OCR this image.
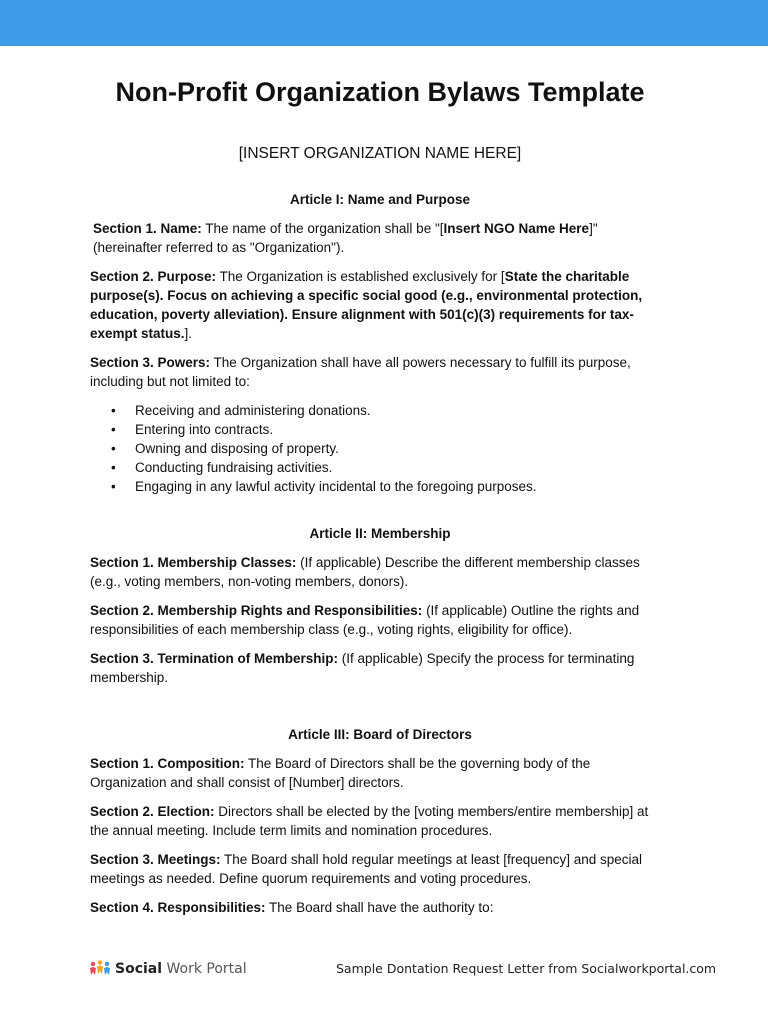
Non-Profit Organization Bylaws Template

[INSERT ORGANIZATION NAME HERE]

Article I: Name and Purpose

Section 1. Name: The name of the organization shall be "[Insert NGO Name Here]" (hereinafter referred to as "Organization").

Section 2. Purpose: The Organization is established exclusively for [State the charitable purpose(s). Focus on achieving a specific social good (e.g., environmental protection, education, poverty alleviation). Ensure alignment with 501(c)(3) requirements for tax-exempt status.].

Section 3. Powers: The Organization shall have all powers necessary to fulfill its purpose, including but not limited to:

• Receiving and administering donations.
• Entering into contracts.
• Owning and disposing of property.
• Conducting fundraising activities.
• Engaging in any lawful activity incidental to the foregoing purposes.

Article II: Membership

Section 1. Membership Classes: (If applicable) Describe the different membership classes (e.g., voting members, non-voting members, donors).

Section 2. Membership Rights and Responsibilities: (If applicable) Outline the rights and responsibilities of each membership class (e.g., voting rights, eligibility for office).

Section 3. Termination of Membership: (If applicable) Specify the process for terminating membership.

Article III: Board of Directors

Section 1. Composition: The Board of Directors shall be the governing body of the Organization and shall consist of [Number] directors.

Section 2. Election: Directors shall be elected by the [voting members/entire membership] at the annual meeting. Include term limits and nomination procedures.

Section 3. Meetings: The Board shall hold regular meetings at least [frequency] and special meetings as needed. Define quorum requirements and voting procedures.

Section 4. Responsibilities: The Board shall have the authority to:

Social Work Portal	Sample Dontation Request Letter from Socialworkportal.com
